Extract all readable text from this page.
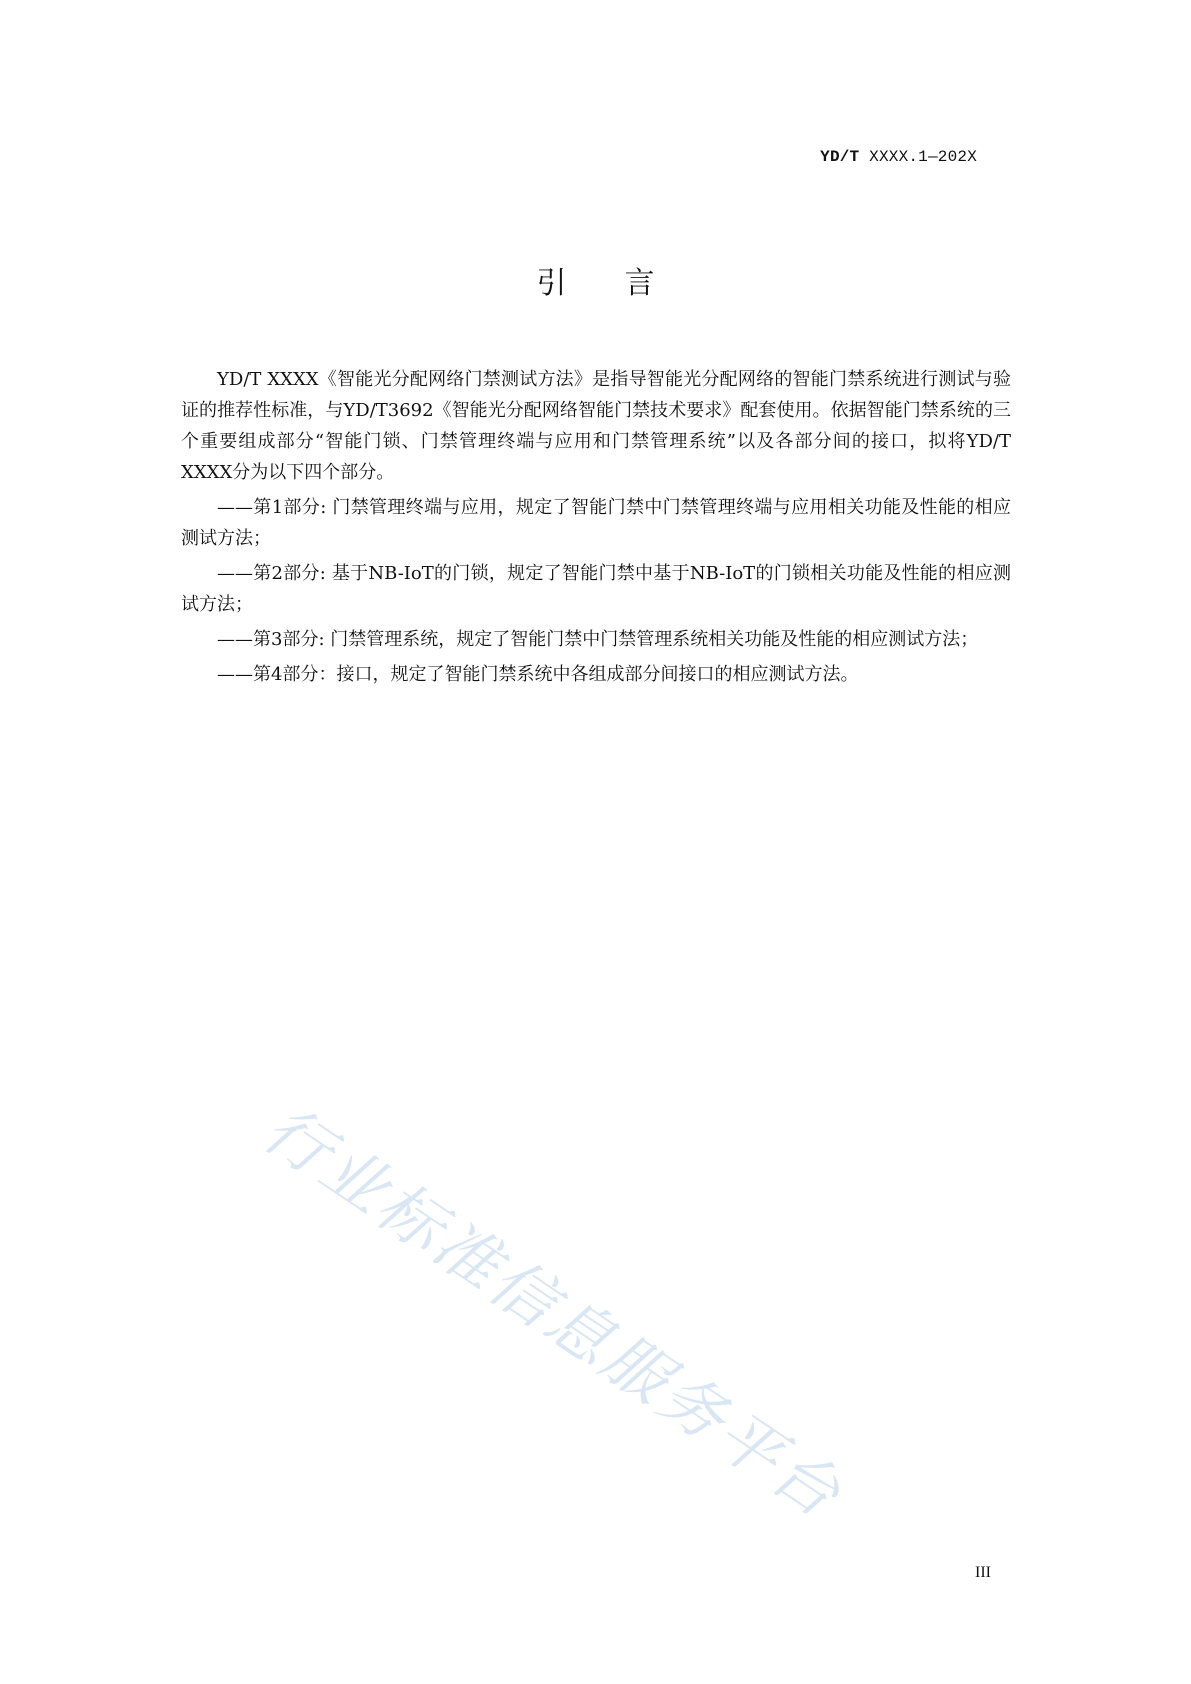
YD/T XXXX.1—202X
引言

YD/T XXXX《智能光分配网络门禁测试方法》是指导智能光分配网络的智能门禁系统进行测试与验证的推荐性标准，与YD/T3692《智能光分配网络智能门禁技术要求》配套使用。依据智能门禁系统的三个重要组成部分“智能门锁、门禁管理终端与应用和门禁管理系统”以及各部分间的接口，拟将YD/T XXXX分为以下四个部分。

——第1部分: 门禁管理终端与应用，规定了智能门禁中门禁管理终端与应用相关功能及性能的相应测试方法；

——第2部分: 基于NB-IoT的门锁，规定了智能门禁中基于NB-IoT的门锁相关功能及性能的相应测试方法；

——第3部分: 门禁管理系统，规定了智能门禁中门禁管理系统相关功能及性能的相应测试方法；

——第4部分：接口，规定了智能门禁系统中各组成部分间接口的相应测试方法。

行业标准信息服务平台
III
